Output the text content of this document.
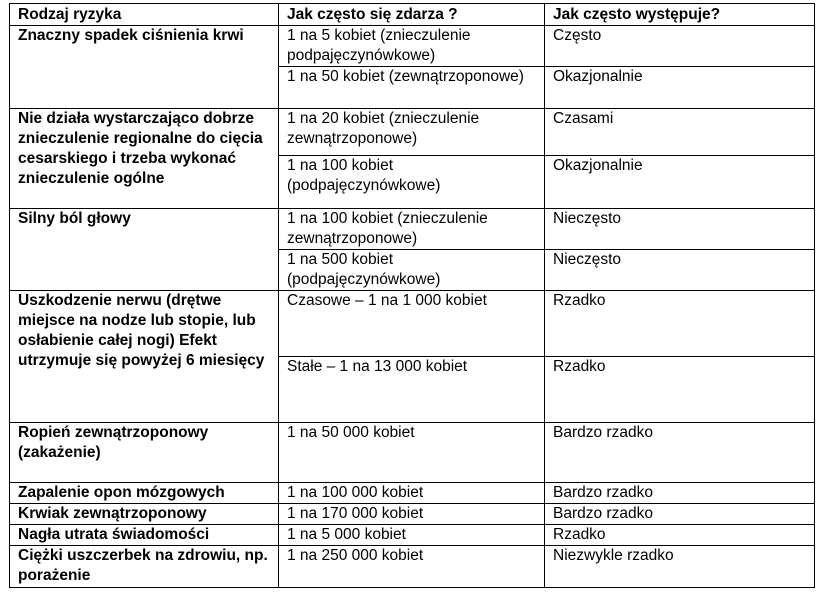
Rodzaj ryzyka	Jak często się zdarza ?	Jak często występuje?
Znaczny spadek ciśnienia krwi	1 na 5 kobiet (znieczulenie podpajęczynówkowe)	Często
	1 na 50 kobiet (zewnątrzoponowe)	Okazjonalnie
Nie działa wystarczająco dobrze znieczulenie regionalne do cięcia cesarskiego i trzeba wykonać znieczulenie ogólne	1 na 20 kobiet (znieczulenie zewnątrzoponowe)	Czasami
	1 na 100 kobiet (podpajęczynówkowe)	Okazjonalnie
Silny ból głowy	1 na 100 kobiet (znieczulenie zewnątrzoponowe)	Nieczęsto
	1 na 500 kobiet (podpajęczynówkowe)	Nieczęsto
Uszkodzenie nerwu (drętwe miejsce na nodze lub stopie, lub osłabienie całej nogi) Efekt utrzymuje się powyżej 6 miesięcy	Czasowe – 1 na 1 000 kobiet	Rzadko
	Stałe – 1 na 13 000 kobiet	Rzadko
Ropień zewnątrzoponowy (zakażenie)	1 na 50 000 kobiet	Bardzo rzadko
Zapalenie opon mózgowych	1 na 100 000 kobiet	Bardzo rzadko
Krwiak zewnątrzoponowy	1 na 170 000 kobiet	Bardzo rzadko
Nagła utrata świadomości	1 na 5 000 kobiet	Rzadko
Ciężki uszczerbek na zdrowiu, np. porażenie	1 na 250 000 kobiet	Niezwykle rzadko
